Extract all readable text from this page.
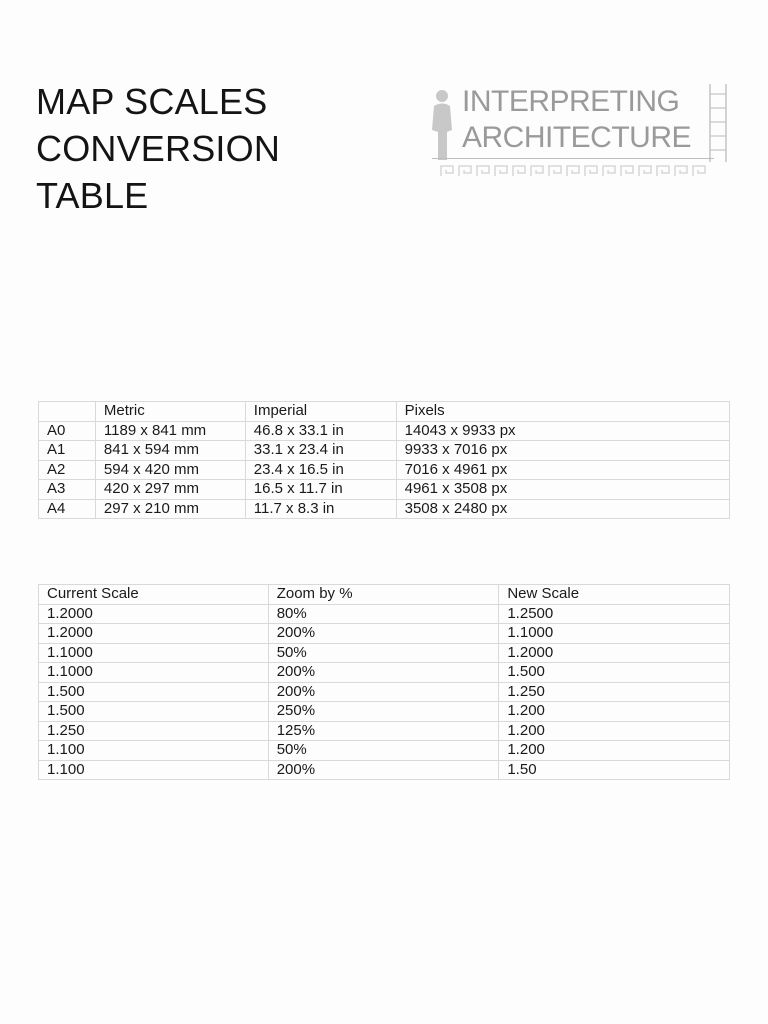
MAP SCALES
CONVERSION
TABLE
INTERPRETING
ARCHITECTURE
	Metric	Imperial	Pixels
A0	1189 x 841 mm	46.8 x 33.1 in	14043 x 9933 px
A1	841 x 594 mm	33.1 x 23.4 in	9933 x 7016 px
A2	594 x 420 mm	23.4 x 16.5 in	7016 x 4961 px
A3	420 x 297 mm	16.5 x 11.7 in	4961 x 3508 px
A4	297 x 210 mm	11.7 x 8.3 in	3508 x 2480 px
Current Scale	Zoom by %	New Scale
1.2000	80%	1.2500
1.2000	200%	1.1000
1.1000	50%	1.2000
1.1000	200%	1.500
1.500	200%	1.250
1.500	250%	1.200
1.250	125%	1.200
1.100	50%	1.200
1.100	200%	1.50
